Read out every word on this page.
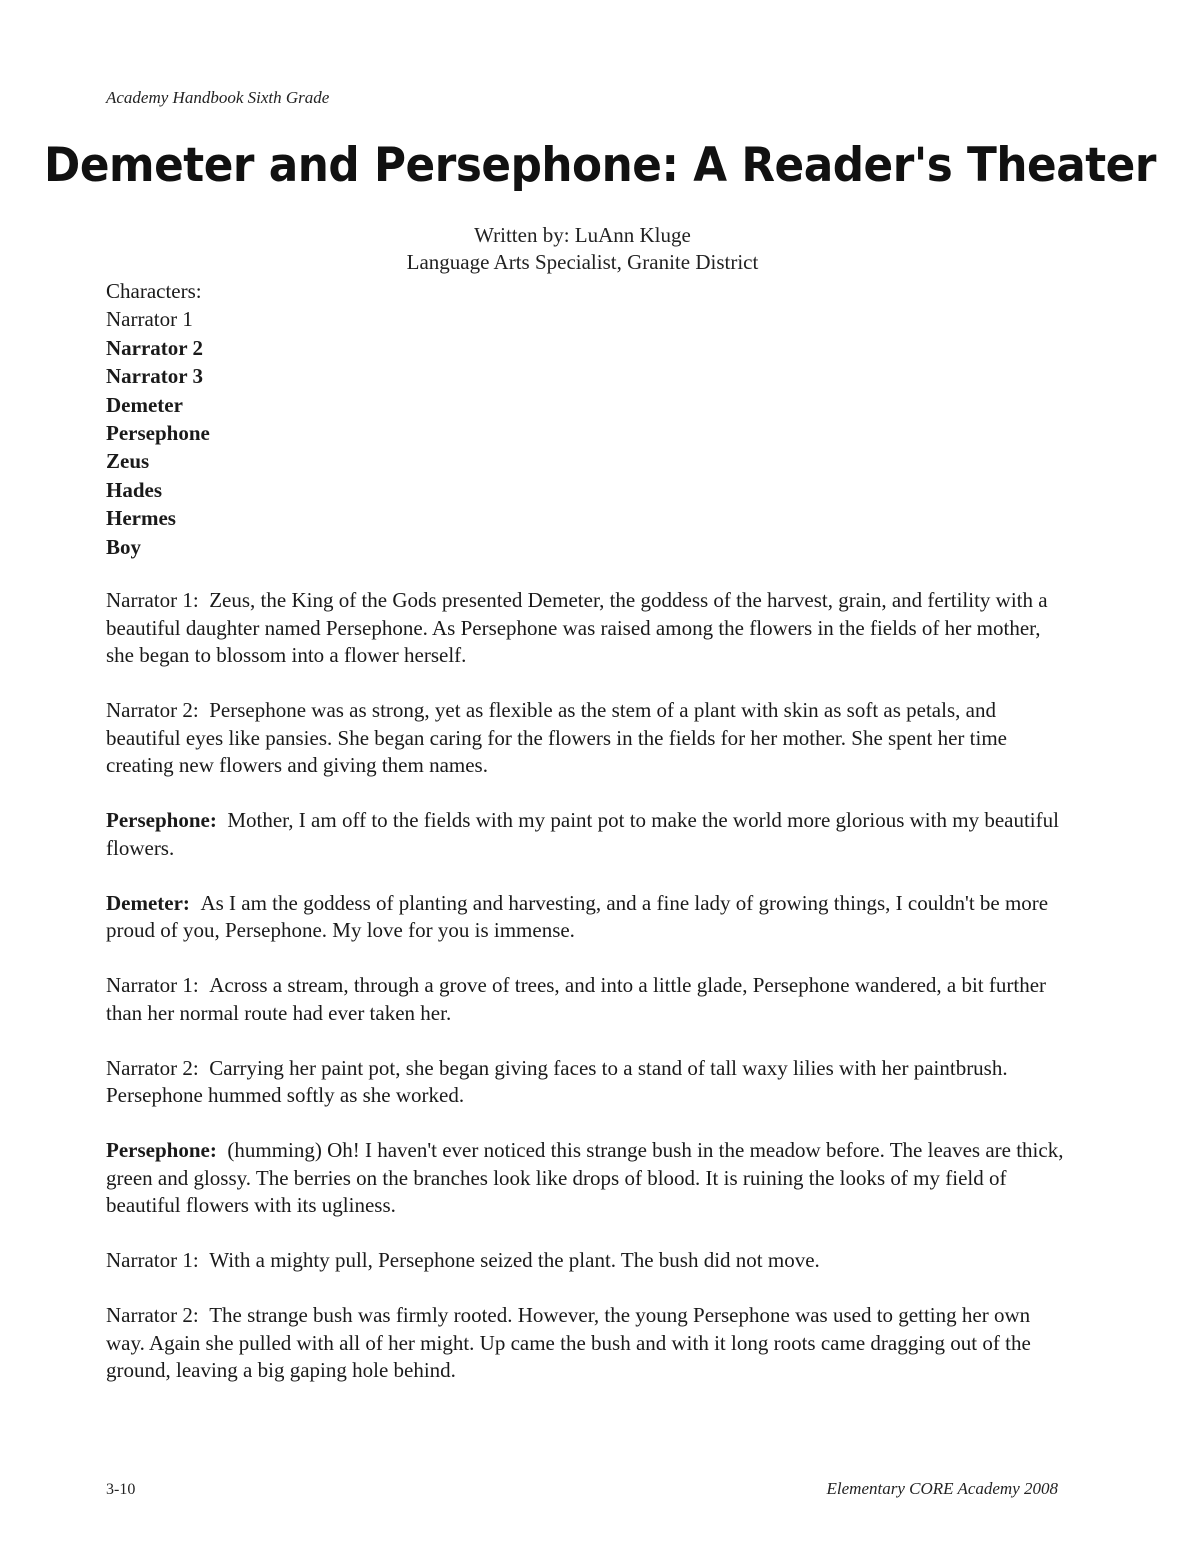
Academy Handbook Sixth Grade
Demeter and Persephone: A Reader's Theater
Written by: LuAnn Kluge
Language Arts Specialist, Granite District
Characters:
Narrator 1
Narrator 2
Narrator 3
Demeter
Persephone
Zeus
Hades
Hermes
Boy

Narrator 1: Zeus, the King of the Gods presented Demeter, the goddess of the harvest, grain, and fertility with a beautiful daughter named Persephone. As Persephone was raised among the flowers in the fields of her mother, she began to blossom into a flower herself.

Narrator 2: Persephone was as strong, yet as flexible as the stem of a plant with skin as soft as petals, and beautiful eyes like pansies. She began caring for the flowers in the fields for her mother. She spent her time creating new flowers and giving them names.

Persephone: Mother, I am off to the fields with my paint pot to make the world more glorious with my beautiful flowers.

Demeter: As I am the goddess of planting and harvesting, and a fine lady of growing things, I couldn't be more proud of you, Persephone. My love for you is immense.

Narrator 1: Across a stream, through a grove of trees, and into a little glade, Persephone wandered, a bit further than her normal route had ever taken her.

Narrator 2: Carrying her paint pot, she began giving faces to a stand of tall waxy lilies with her paintbrush. Persephone hummed softly as she worked.

Persephone: (humming) Oh! I haven't ever noticed this strange bush in the meadow before. The leaves are thick, green and glossy. The berries on the branches look like drops of blood. It is ruining the looks of my field of beautiful flowers with its ugliness.

Narrator 1: With a mighty pull, Persephone seized the plant. The bush did not move.

Narrator 2: The strange bush was firmly rooted. However, the young Persephone was used to getting her own way. Again she pulled with all of her might. Up came the bush and with it long roots came dragging out of the ground, leaving a big gaping hole behind.

3-10	Elementary CORE Academy 2008
